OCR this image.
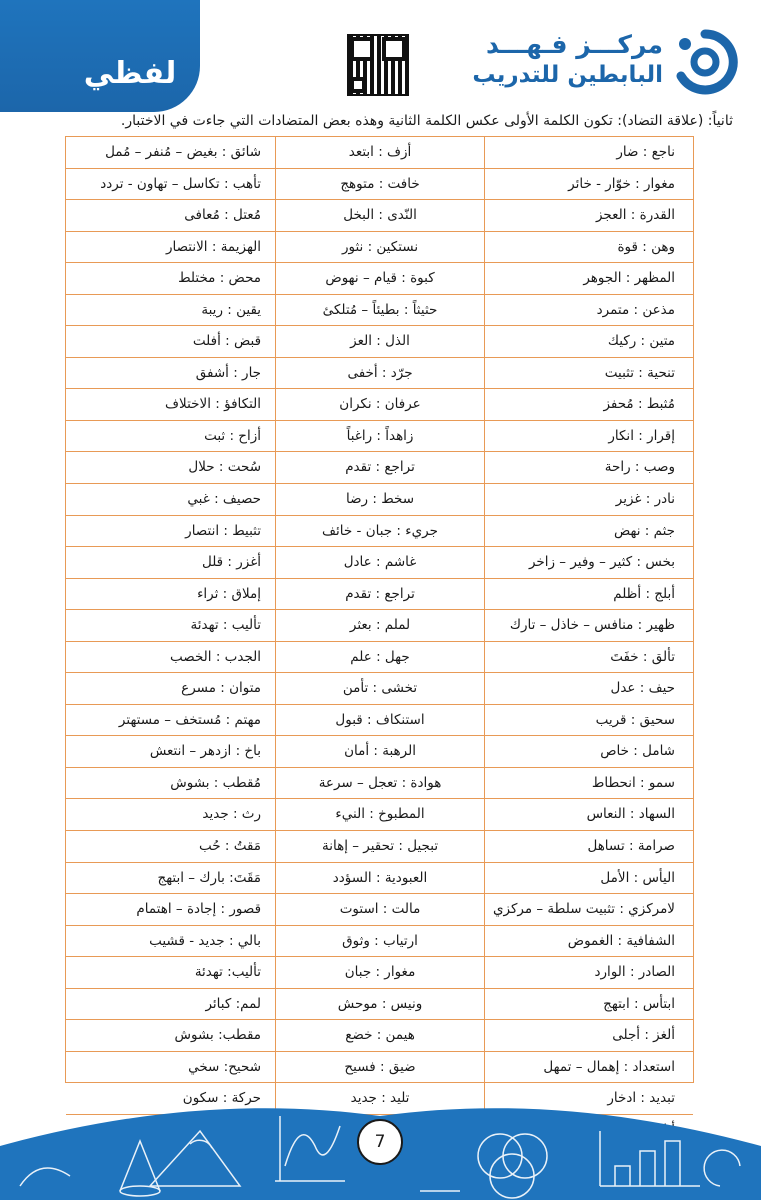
لفظي
مركـــز فـهـــد
البابطين للتدريب
ثانياً: (علاقة التضاد): تكون الكلمة الأولى عكس الكلمة الثانية وهذه بعض المتضادات التي جاءت في الاختبار.
ناجع : ضار
أزف : ابتعد
شائق : بغيض – مُنفر – مُمل
مغوار : خوّار - خائر
خافت : متوهج
تأهب : تكاسل – تهاون - تردد
القدرة : العجز
النّدى : البخل
مُعتل : مُعافى
وهن : قوة
نستكين : نثور
الهزيمة : الانتصار
المظهر : الجوهر
كبوة : قيام – نهوض
محض : مختلط
مذعن : متمرد
حثيثاً : بطيئاً – مُتلكئ
يقين : ريبة
متين : ركيك
الذل : العز
قبض : أفلت
تنحية : تثبيت
جرّد : أخفى
جار : أشفق
مُثبط : مُحفز
عرفان : نكران
التكافؤ : الاختلاف
إقرار : انكار
زاهداً : راغباً
أزاح : ثبت
وصب : راحة
تراجع : تقدم
سُحت : حلال
نادر : غزير
سخط : رضا
حصيف : غبي
جثم : نهض
جريء : جبان - خائف
تثبيط : انتصار
بخس : كثير – وفير – زاخر
غاشم : عادل
أغزر : قلل
أبلج : أظلم
تراجع : تقدم
إملاق : ثراء
ظهير : منافس – خاذل – تارك
لملم : بعثر
تأليب : تهدئة
تألق : خفَتَ
جهل : علم
الجدب : الخصب
حيف : عدل
تخشى : تأمن
متوان : مسرع
سحيق : قريب
استنكاف : قبول
مهتم : مُستخف – مستهتر
شامل : خاص
الرهبة : أمان
باخ : ازدهر – انتعش
سمو : انحطاط
هوادة : تعجل – سرعة
مُقطب : بشوش
السهاد : النعاس
المطبوخ : النيء
رث : جديد
صرامة : تساهل
تبجيل : تحقير – إهانة
مَقتُ : حُب
اليأس : الأمل
العبودية : السؤدد
مَقَتَ: بارك – ابتهج
لامركزي : تثبيت سلطة – مركزي
مالت : استوت
قصور : إجادة – اهتمام
الشفافية : الغموض
ارتياب : وثوق
بالي : جديد - قشيب
الصادر : الوارد
مغوار : جبان
تأليب: تهدئة
ابتأس : ابتهج
ونيس : موحش
لمم: كبائر
ألغز : أجلى
هيمن : خضع
مقطب: بشوش
استعداد : إهمال – تمهل
ضيق : فسيح
شحيح: سخي
تبديد : ادخار
تليد : جديد
حركة : سكون
7
